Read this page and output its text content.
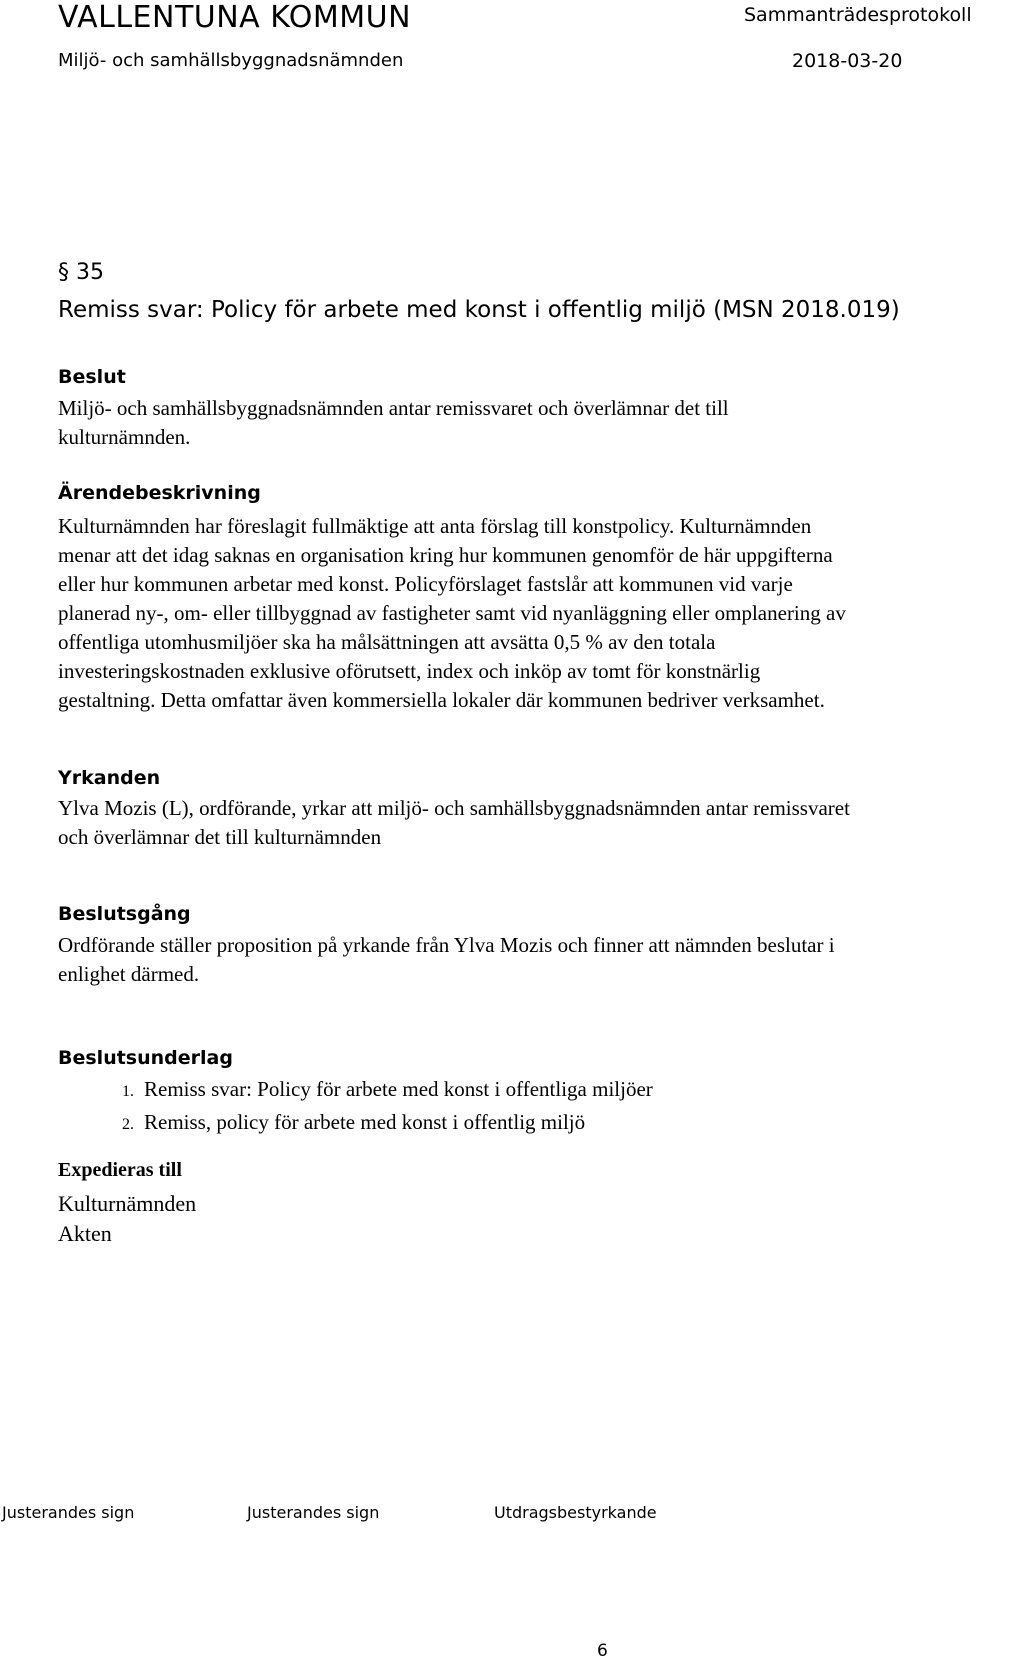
VALLENTUNA KOMMUN	Sammanträdesprotokoll
Miljö- och samhällsbyggnadsnämnden	2018-03-20
§ 35
Remiss svar: Policy för arbete med konst i offentlig miljö (MSN 2018.019)
Beslut

Miljö- och samhällsbyggnadsnämnden antar remissvaret och överlämnar det till

kulturnämnden.

Ärendebeskrivning

Kulturnämnden har föreslagit fullmäktige att anta förslag till konstpolicy. Kulturnämnden

menar att det idag saknas en organisation kring hur kommunen genomför de här uppgifterna

eller hur kommunen arbetar med konst. Policyförslaget fastslår att kommunen vid varje

planerad ny-, om- eller tillbyggnad av fastigheter samt vid nyanläggning eller omplanering av

offentliga utomhusmiljöer ska ha målsättningen att avsätta 0,5 % av den totala

investeringskostnaden exklusive oförutsett, index och inköp av tomt för konstnärlig

gestaltning. Detta omfattar även kommersiella lokaler där kommunen bedriver verksamhet.

Yrkanden

Ylva Mozis (L), ordförande, yrkar att miljö- och samhällsbyggnadsnämnden antar remissvaret

och överlämnar det till kulturnämnden

Beslutsgång

Ordförande ställer proposition på yrkande från Ylva Mozis och finner att nämnden beslutar i

enlighet därmed.

Beslutsunderlag
1. Remiss svar: Policy för arbete med konst i offentliga miljöer
2. Remiss, policy för arbete med konst i offentlig miljö
Expedieras till
Kulturnämnden
Akten
Justerandes sign	Justerandes sign	Utdragsbestyrkande
6
